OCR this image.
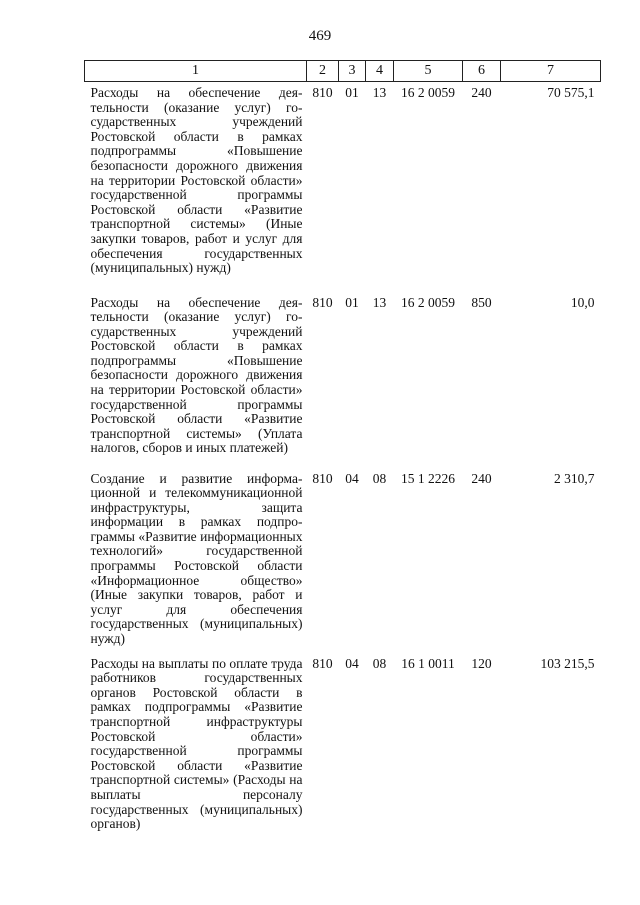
469
1	2	3	4	5	6	7
Расходы на обеспечение деятельности (оказание услуг) государственных учреждений Ростовской области в рамках подпрограммы «Повышение безопасности дорожного движения на территории Ростовской области» государственной программы Ростовской области «Развитие транспортной системы» (Иные закупки товаров, работ и услуг для обеспечения государственных (муниципальных) нужд)	810	01	13	16 2 0059	240	70 575,1
Расходы на обеспечение деятельности (оказание услуг) государственных учреждений Ростовской области в рамках подпрограммы «Повышение безопасности дорожного движения на территории Ростовской области» государственной программы Ростовской области «Развитие транспортной системы» (Уплата налогов, сборов и иных платежей)	810	01	13	16 2 0059	850	10,0
Создание и развитие информационной и телекоммуникационной инфраструктуры, защита информации в рамках подпрограммы «Развитие информационных технологий» государственной программы Ростовской области «Информационное общество» (Иные закупки товаров, работ и услуг для обеспечения государственных (муниципальных) нужд)	810	04	08	15 1 2226	240	2 310,7
Расходы на выплаты по оплате труда работников государственных органов Ростовской области в рамках подпрограммы «Развитие транспортной инфраструктуры Ростовской области» государственной программы Ростовской области «Развитие транспортной системы» (Расходы на выплаты персоналу государственных (муниципальных) органов)	810	04	08	16 1 0011	120	103 215,5
